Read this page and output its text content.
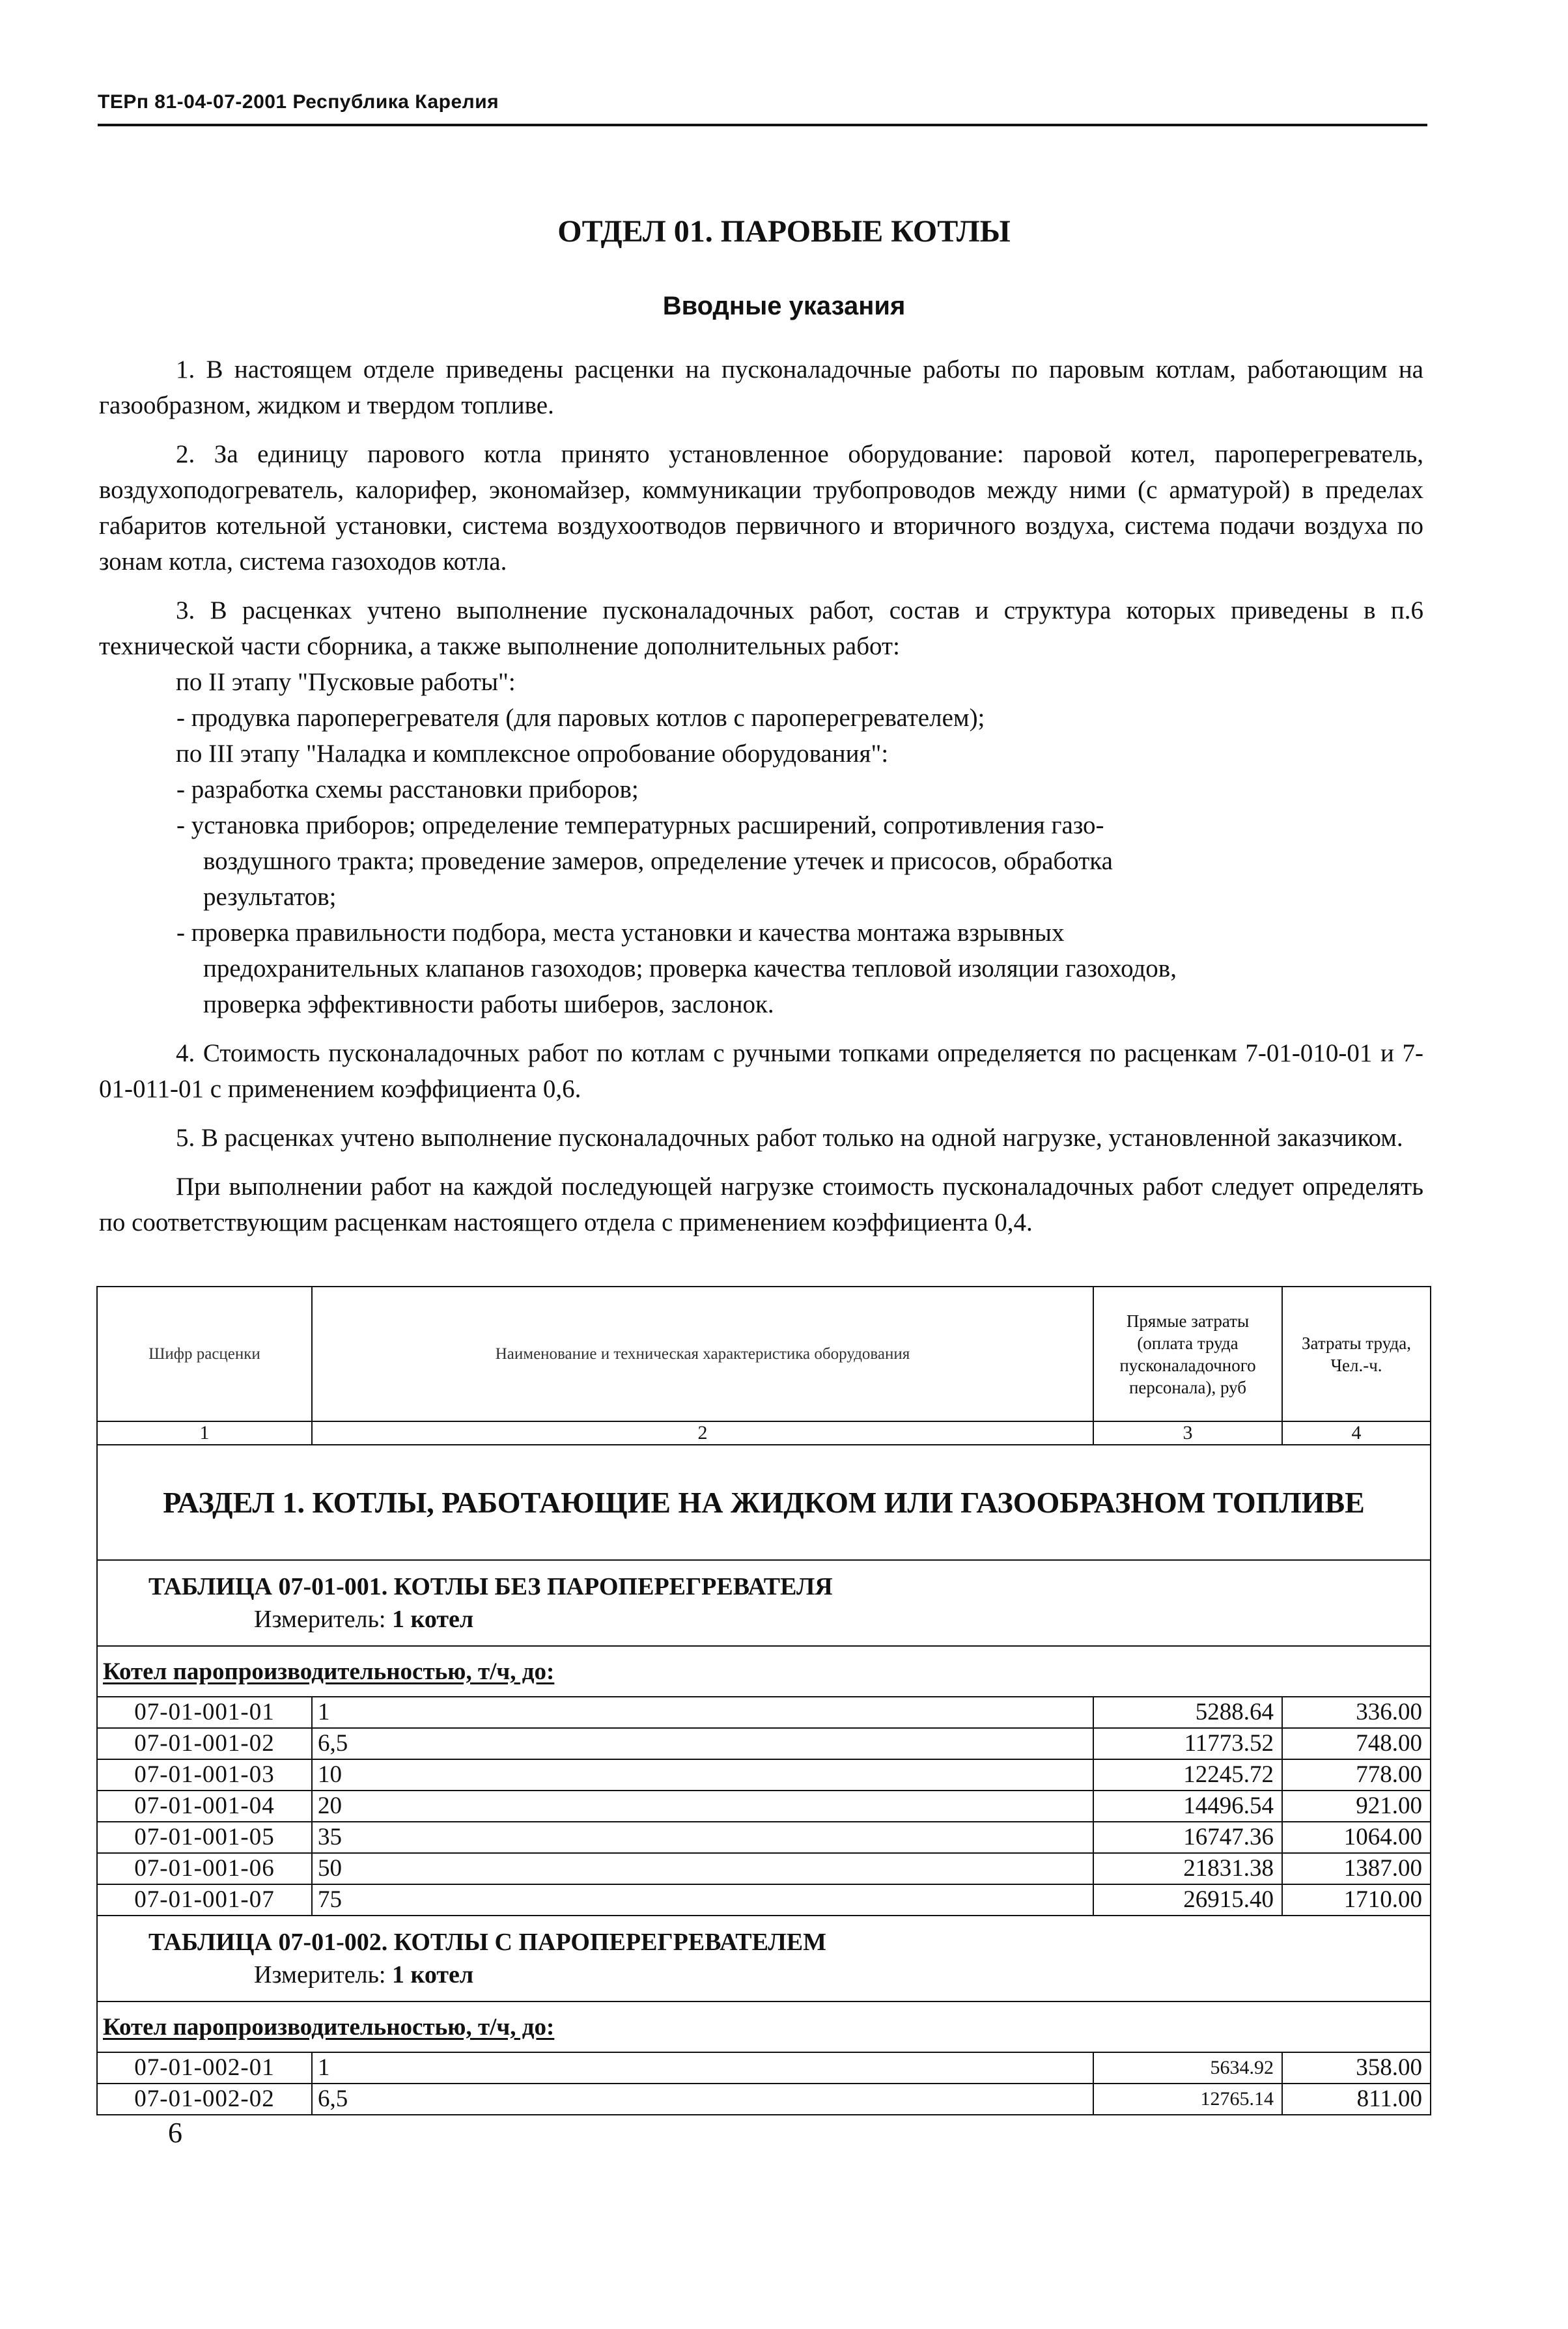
ТЕРп 81-04-07-2001 Республика Карелия
ОТДЕЛ 01. ПАРОВЫЕ КОТЛЫ
Вводные указания

1. В настоящем отделе приведены расценки на пусконаладочные работы по паровым котлам, работающим на газообразном, жидком и твердом топливе.

2. За единицу парового котла принято установленное оборудование: паровой котел, пароперегреватель, воздухоподогреватель, калорифер, экономайзер, коммуникации трубопроводов между ними (с арматурой) в пределах габаритов котельной установки, система воздухоотводов первичного и вторичного воздуха, система подачи воздуха по зонам котла, система газоходов котла.

3. В расценках учтено выполнение пусконаладочных работ, состав и структура которых приведены в п.6 технической части сборника, а также выполнение дополнительных работ:

по II этапу "Пусковые работы":

- продувка пароперегревателя (для паровых котлов с пароперегревателем);

по III этапу "Наладка и комплексное опробование оборудования":

- разработка схемы расстановки приборов;

- установка приборов; определение температурных расширений, сопротивления газо-

воздушного тракта; проведение замеров, определение утечек и присосов, обработка

результатов;

- проверка правильности подбора, места установки и качества монтажа взрывных

предохранительных клапанов газоходов; проверка качества тепловой изоляции газоходов,

проверка эффективности работы шиберов, заслонок.

4. Стоимость пусконаладочных работ по котлам с ручными топками определяется по расценкам 7-01-010-01 и 7-01-011-01 с применением коэффициента 0,6.

5. В расценках учтено выполнение пусконаладочных работ только на одной нагрузке, установленной заказчиком.

При выполнении работ на каждой последующей нагрузке стоимость пусконаладочных работ следует определять по соответствующим расценкам настоящего отдела с применением коэффициента 0,4.

Шифр расценки	Наименование и техническая характеристика оборудования	Прямые затраты (оплата труда пусконаладочного персонала), руб	Затраты труда, Чел.-ч.
1	2	3	4
РАЗДЕЛ 1. КОТЛЫ, РАБОТАЮЩИЕ НА ЖИДКОМ ИЛИ ГАЗООБРАЗНОМ ТОПЛИВЕ			

ТАБЛИЦА 07-01-001. КОТЛЫ БЕЗ ПАРОПЕРЕГРЕВАТЕЛЯ
Измеритель: 1 котел			

Котел паропроизводительностью, т/ч, до:			
07-01-001-01	1	5288.64	336.00
07-01-001-02	6,5	11773.52	748.00
07-01-001-03	10	12245.72	778.00
07-01-001-04	20	14496.54	921.00
07-01-001-05	35	16747.36	1064.00
07-01-001-06	50	21831.38	1387.00
07-01-001-07	75	26915.40	1710.00

ТАБЛИЦА 07-01-002. КОТЛЫ С ПАРОПЕРЕГРЕВАТЕЛЕМ
Измеритель: 1 котел			

Котел паропроизводительностью, т/ч, до:			
07-01-002-01	1	5634.92	358.00
07-01-002-02	6,5	12765.14	811.00
6
